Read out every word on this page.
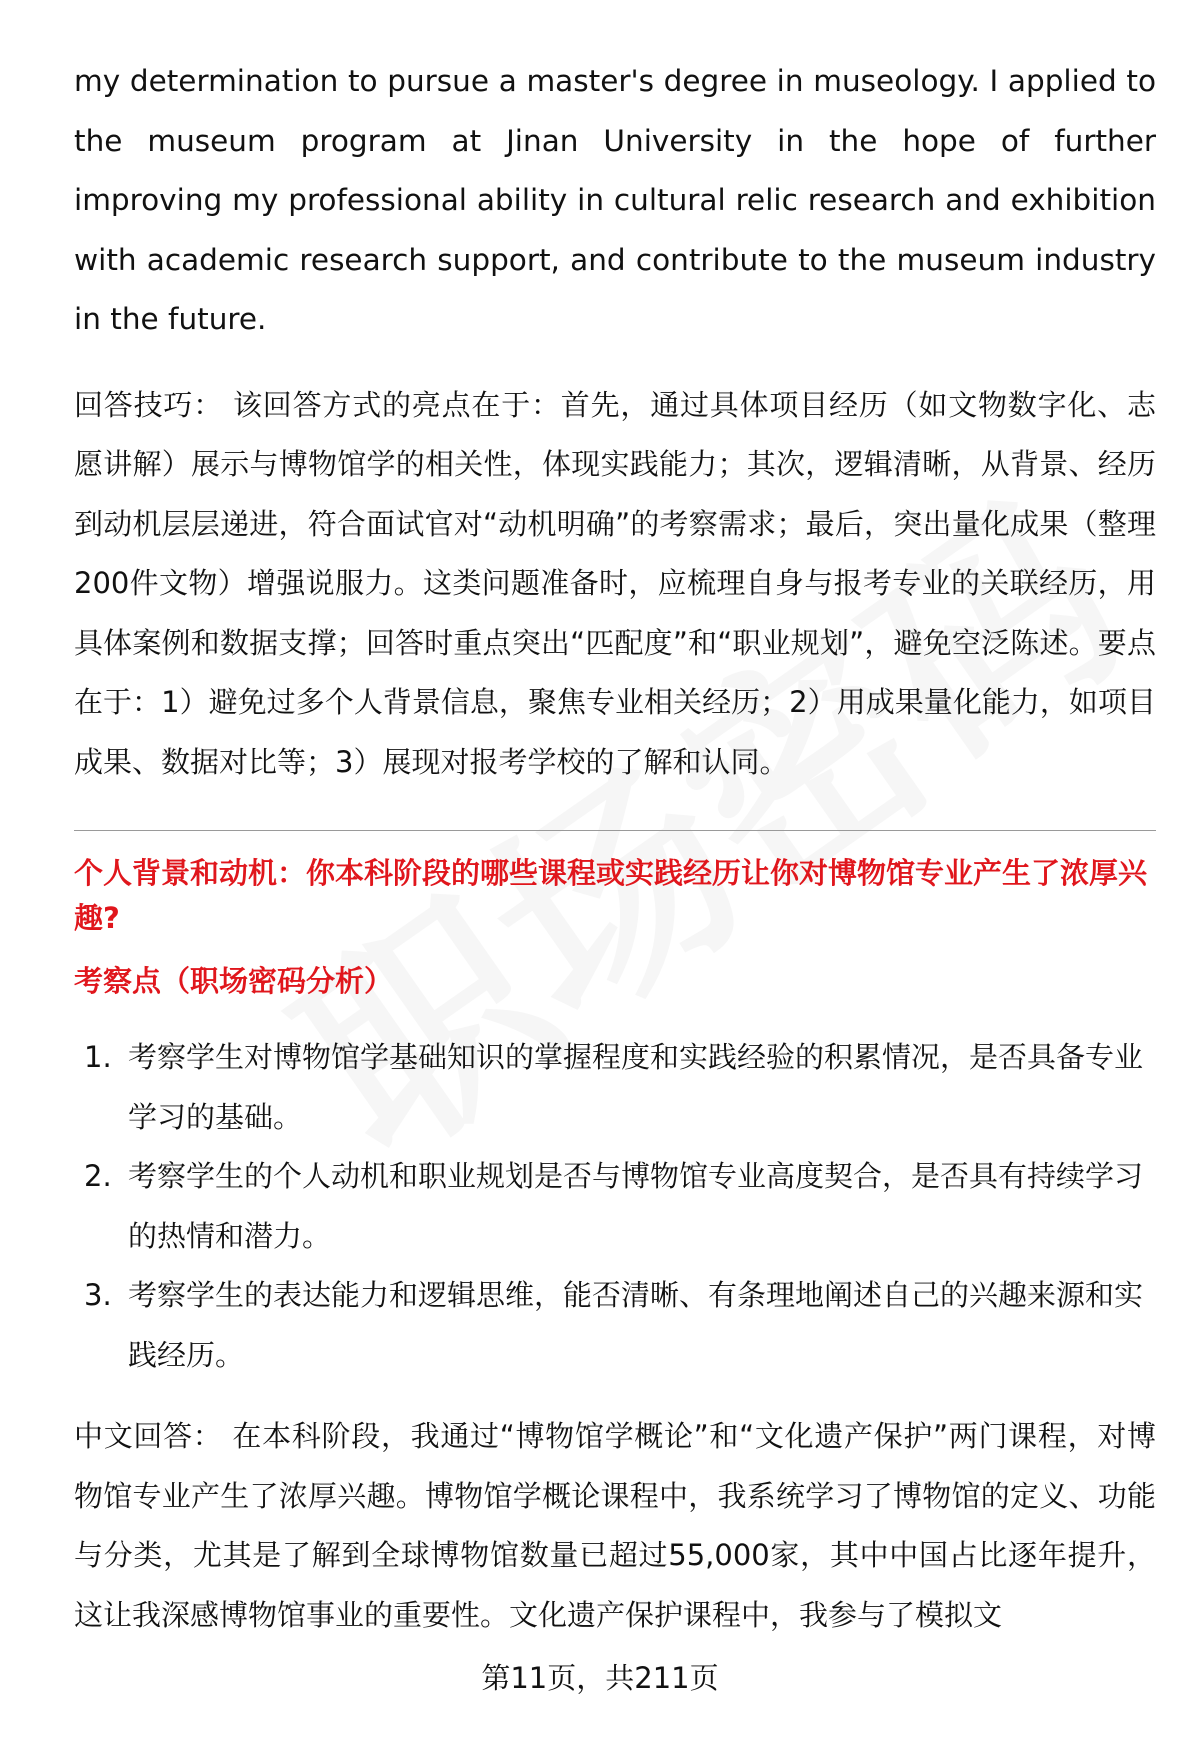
my determination to pursue a master's degree in museology. I applied to the museum program at Jinan University in the hope of further improving my professional ability in cultural relic research and exhibition with academic research support, and contribute to the museum industry in the future.

回答技巧： 该回答方式的亮点在于：首先，通过具体项目经历（如文物数字化、志愿讲解）展示与博物馆学的相关性，体现实践能力；其次，逻辑清晰，从背景、经历到动机层层递进，符合面试官对“动机明确”的考察需求；最后，突出量化成果（整理200件文物）增强说服力。这类问题准备时，应梳理自身与报考专业的关联经历，用具体案例和数据支撑；回答时重点突出“匹配度”和“职业规划”，避免空泛陈述。要点在于：1）避免过多个人背景信息，聚焦专业相关经历；2）用成果量化能力，如项目成果、数据对比等；3）展现对报考学校的了解和认同。

个人背景和动机：你本科阶段的哪些课程或实践经历让你对博物馆专业产生了浓厚兴趣?
考察点（职场密码分析）
1. 考察学生对博物馆学基础知识的掌握程度和实践经验的积累情况，是否具备专业学习的基础。
2. 考察学生的个人动机和职业规划是否与博物馆专业高度契合，是否具有持续学习的热情和潜力。
3. 考察学生的表达能力和逻辑思维，能否清晰、有条理地阐述自己的兴趣来源和实践经历。

中文回答： 在本科阶段，我通过“博物馆学概论”和“文化遗产保护”两门课程，对博物馆专业产生了浓厚兴趣。博物馆学概论课程中，我系统学习了博物馆的定义、功能与分类，尤其是了解到全球博物馆数量已超过55,000家，其中中国占比逐年提升，这让我深感博物馆事业的重要性。文化遗产保护课程中，我参与了模拟文

第11页，共211页
